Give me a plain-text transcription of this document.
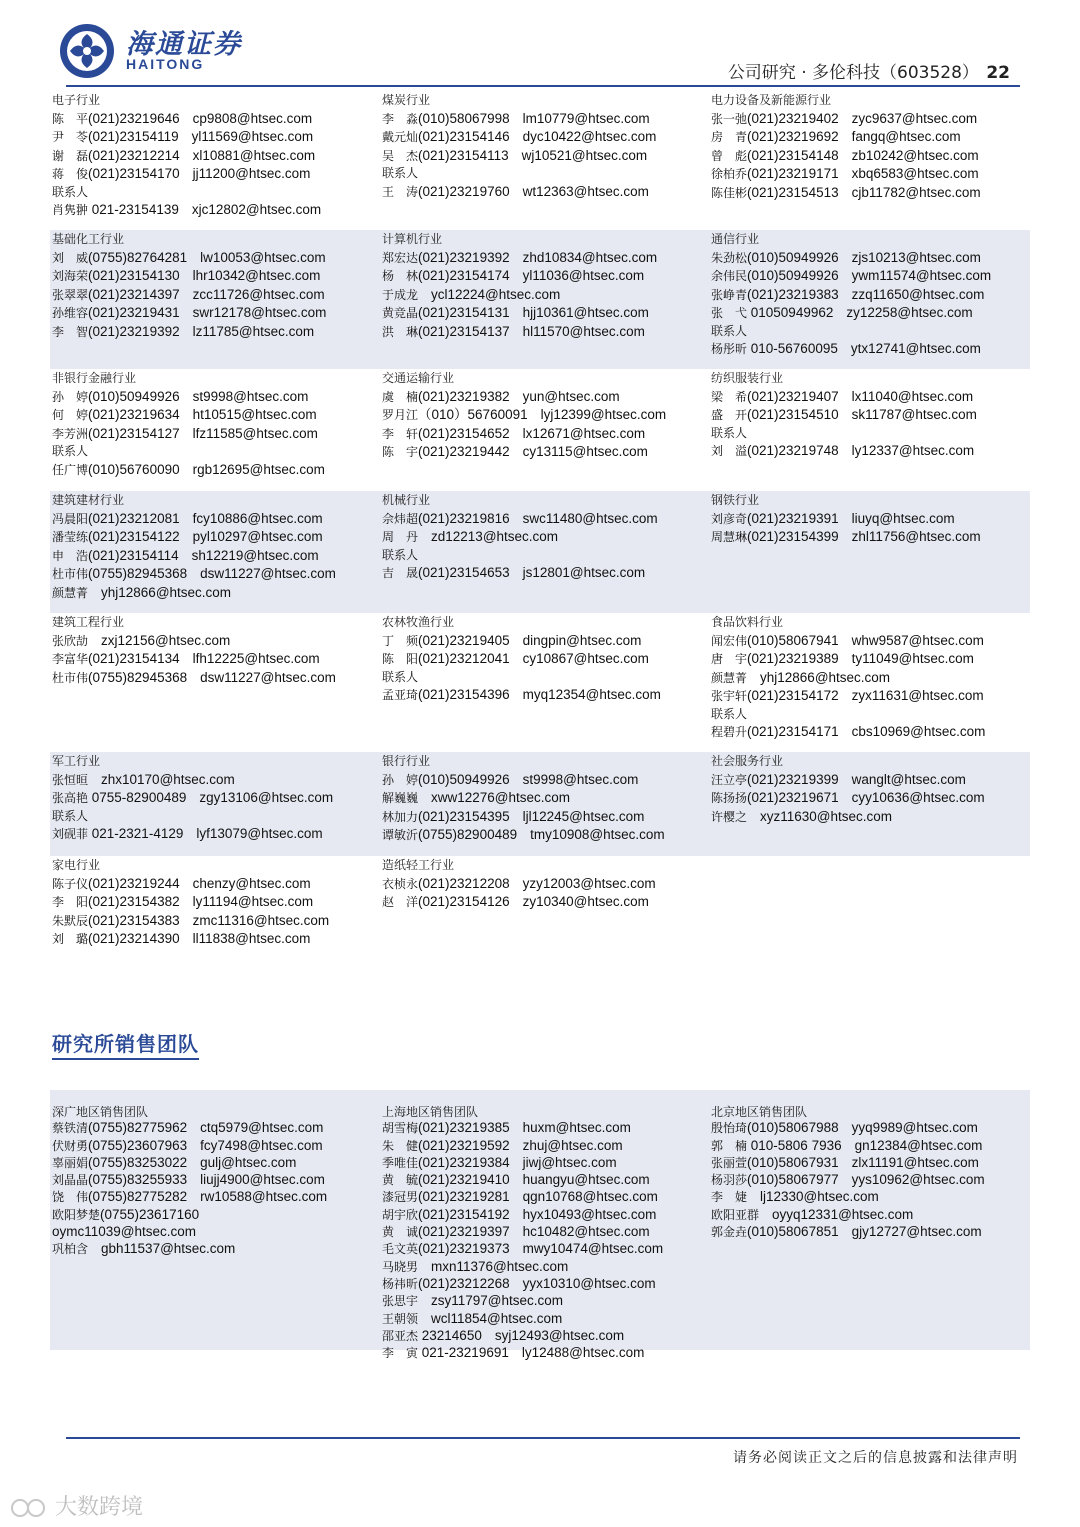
海通证券
HAITONG	公司研究 · 多伦科技（603528） 22
电子行业
陈　平(021)23219646  cp9808@htsec.com
尹　苓(021)23154119  yl11569@htsec.com
谢　磊(021)23212214  xl10881@htsec.com
蒋　俊(021)23154170  jj11200@htsec.com
联系人
肖隽翀 021-23154139  xjc12802@htsec.com
煤炭行业
李　淼(010)58067998  lm10779@htsec.com
戴元灿(021)23154146  dyc10422@htsec.com
吴　杰(021)23154113  wj10521@htsec.com
联系人
王　涛(021)23219760  wt12363@htsec.com
电力设备及新能源行业
张一弛(021)23219402  zyc9637@htsec.com
房　青(021)23219692  fangq@htsec.com
曾　彪(021)23154148  zb10242@htsec.com
徐柏乔(021)23219171  xbq6583@htsec.com
陈佳彬(021)23154513  cjb11782@htsec.com
基础化工行业
刘　威(0755)82764281  lw10053@htsec.com
刘海荣(021)23154130  lhr10342@htsec.com
张翠翠(021)23214397  zcc11726@htsec.com
孙维容(021)23219431  swr12178@htsec.com
李　智(021)23219392  lz11785@htsec.com
计算机行业
郑宏达(021)23219392  zhd10834@htsec.com
杨　林(021)23154174  yl11036@htsec.com
于成龙  ycl12224@htsec.com
黄竞晶(021)23154131  hjj10361@htsec.com
洪　琳(021)23154137  hl11570@htsec.com
通信行业
朱劲松(010)50949926  zjs10213@htsec.com
余伟民(010)50949926  ywm11574@htsec.com
张峥青(021)23219383  zzq11650@htsec.com
张　弋 01050949962  zy12258@htsec.com
联系人
杨彤昕 010-56760095  ytx12741@htsec.com
非银行金融行业
孙　婷(010)50949926  st9998@htsec.com
何　婷(021)23219634  ht10515@htsec.com
李芳洲(021)23154127  lfz11585@htsec.com
联系人
任广博(010)56760090  rgb12695@htsec.com
交通运输行业
虞　楠(021)23219382  yun@htsec.com
罗月江（010）56760091  lyj12399@htsec.com
李　轩(021)23154652  lx12671@htsec.com
陈　宇(021)23219442  cy13115@htsec.com
纺织服装行业
梁　希(021)23219407  lx11040@htsec.com
盛　开(021)23154510  sk11787@htsec.com
联系人
刘　溢(021)23219748  ly12337@htsec.com
建筑建材行业
冯晨阳(021)23212081  fcy10886@htsec.com
潘莹练(021)23154122  pyl10297@htsec.com
申　浩(021)23154114  sh12219@htsec.com
杜市伟(0755)82945368  dsw11227@htsec.com
颜慧菁  yhj12866@htsec.com
机械行业
佘炜超(021)23219816  swc11480@htsec.com
周　丹  zd12213@htsec.com
联系人
吉　晟(021)23154653  js12801@htsec.com
钢铁行业
刘彦奇(021)23219391  liuyq@htsec.com
周慧琳(021)23154399  zhl11756@htsec.com
建筑工程行业
张欣劼  zxj12156@htsec.com
李富华(021)23154134  lfh12225@htsec.com
杜市伟(0755)82945368  dsw11227@htsec.com
农林牧渔行业
丁　频(021)23219405  dingpin@htsec.com
陈　阳(021)23212041  cy10867@htsec.com
联系人
孟亚琦(021)23154396  myq12354@htsec.com
食品饮料行业
闻宏伟(010)58067941  whw9587@htsec.com
唐　宇(021)23219389  ty11049@htsec.com
颜慧菁  yhj12866@htsec.com
张宇轩(021)23154172  zyx11631@htsec.com
联系人
程碧升(021)23154171  cbs10969@htsec.com
军工行业
张恒晅  zhx10170@htsec.com
张高艳 0755-82900489  zgy13106@htsec.com
联系人
刘砚菲 021-2321-4129  lyf13079@htsec.com
银行行业
孙　婷(010)50949926  st9998@htsec.com
解巍巍  xww12276@htsec.com
林加力(021)23154395  ljl12245@htsec.com
谭敏沂(0755)82900489  tmy10908@htsec.com
社会服务行业
汪立亭(021)23219399  wanglt@htsec.com
陈扬扬(021)23219671  cyy10636@htsec.com
许樱之  xyz11630@htsec.com
家电行业
陈子仪(021)23219244  chenzy@htsec.com
李　阳(021)23154382  ly11194@htsec.com
朱默辰(021)23154383  zmc11316@htsec.com
刘　璐(021)23214390  ll11838@htsec.com
造纸轻工行业
衣桢永(021)23212208  yzy12003@htsec.com
赵　洋(021)23154126  zy10340@htsec.com
研究所销售团队
深广地区销售团队
蔡铁清(0755)82775962  ctq5979@htsec.com
伏财勇(0755)23607963  fcy7498@htsec.com
辜丽娟(0755)83253022  gulj@htsec.com
刘晶晶(0755)83255933  liujj4900@htsec.com
饶　伟(0755)82775282  rw10588@htsec.com
欧阳梦楚(0755)23617160
oymc11039@htsec.com
巩柏含  gbh11537@htsec.com
上海地区销售团队
胡雪梅(021)23219385  huxm@htsec.com
朱　健(021)23219592  zhuj@htsec.com
季唯佳(021)23219384  jiwj@htsec.com
黄　毓(021)23219410  huangyu@htsec.com
漆冠男(021)23219281  qgn10768@htsec.com
胡宇欣(021)23154192  hyx10493@htsec.com
黄　诚(021)23219397  hc10482@htsec.com
毛文英(021)23219373  mwy10474@htsec.com
马晓男  mxn11376@htsec.com
杨祎昕(021)23212268  yyx10310@htsec.com
张思宇  zsy11797@htsec.com
王朝领  wcl11854@htsec.com
邵亚杰 23214650  syj12493@htsec.com
李　寅 021-23219691  ly12488@htsec.com
北京地区销售团队
殷怡琦(010)58067988  yyq9989@htsec.com
郭　楠 010-5806 7936  gn12384@htsec.com
张丽萱(010)58067931  zlx11191@htsec.com
杨羽莎(010)58067977  yys10962@htsec.com
李　婕  lj12330@htsec.com
欧阳亚群  oyyq12331@htsec.com
郭金垚(010)58067851  gjy12727@htsec.com
请务必阅读正文之后的信息披露和法律声明
大数跨境
